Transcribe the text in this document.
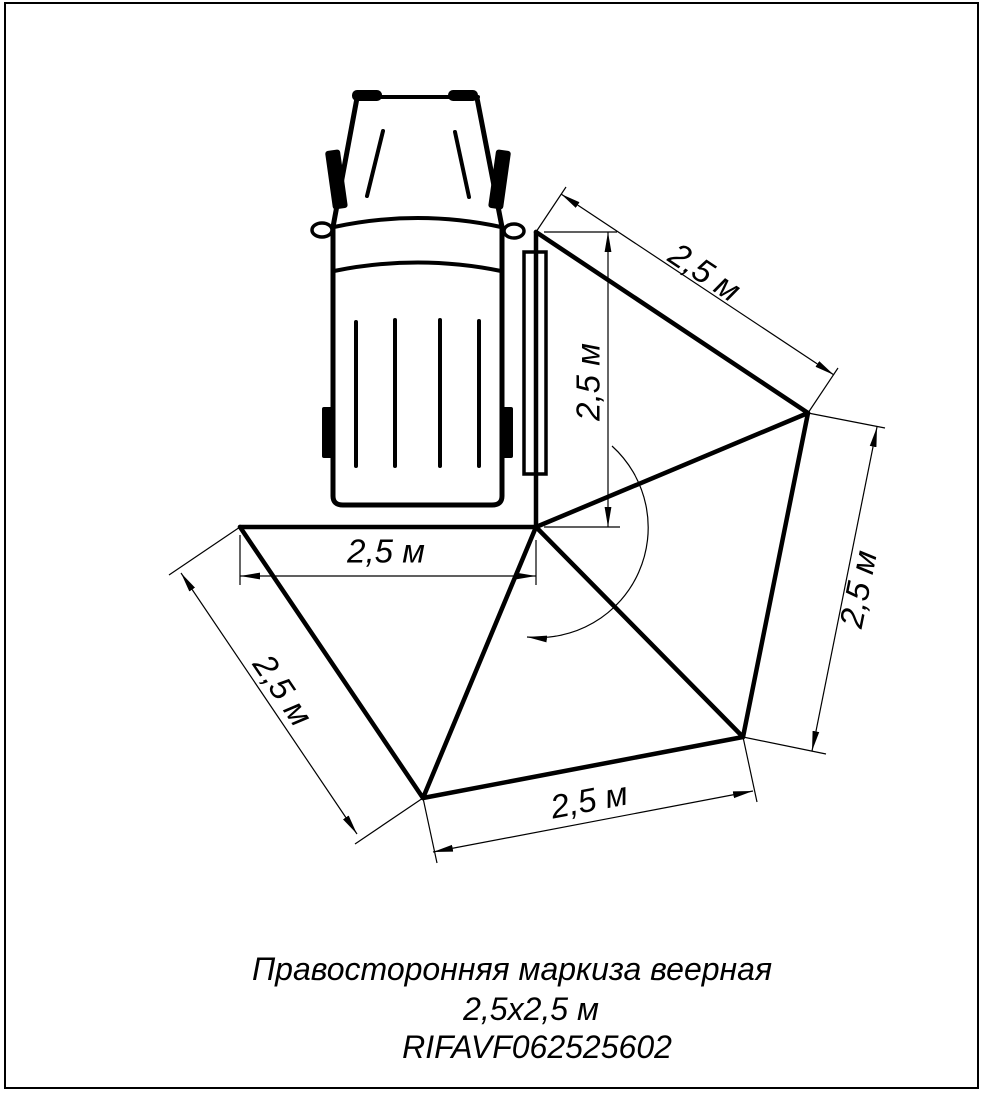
2,5 м
2,5 м
2,5 м
2,5 м
2,5 м
2,5 м
Правосторонняя маркиза веерная
2,5x2,5 м
RIFAVF062525602
